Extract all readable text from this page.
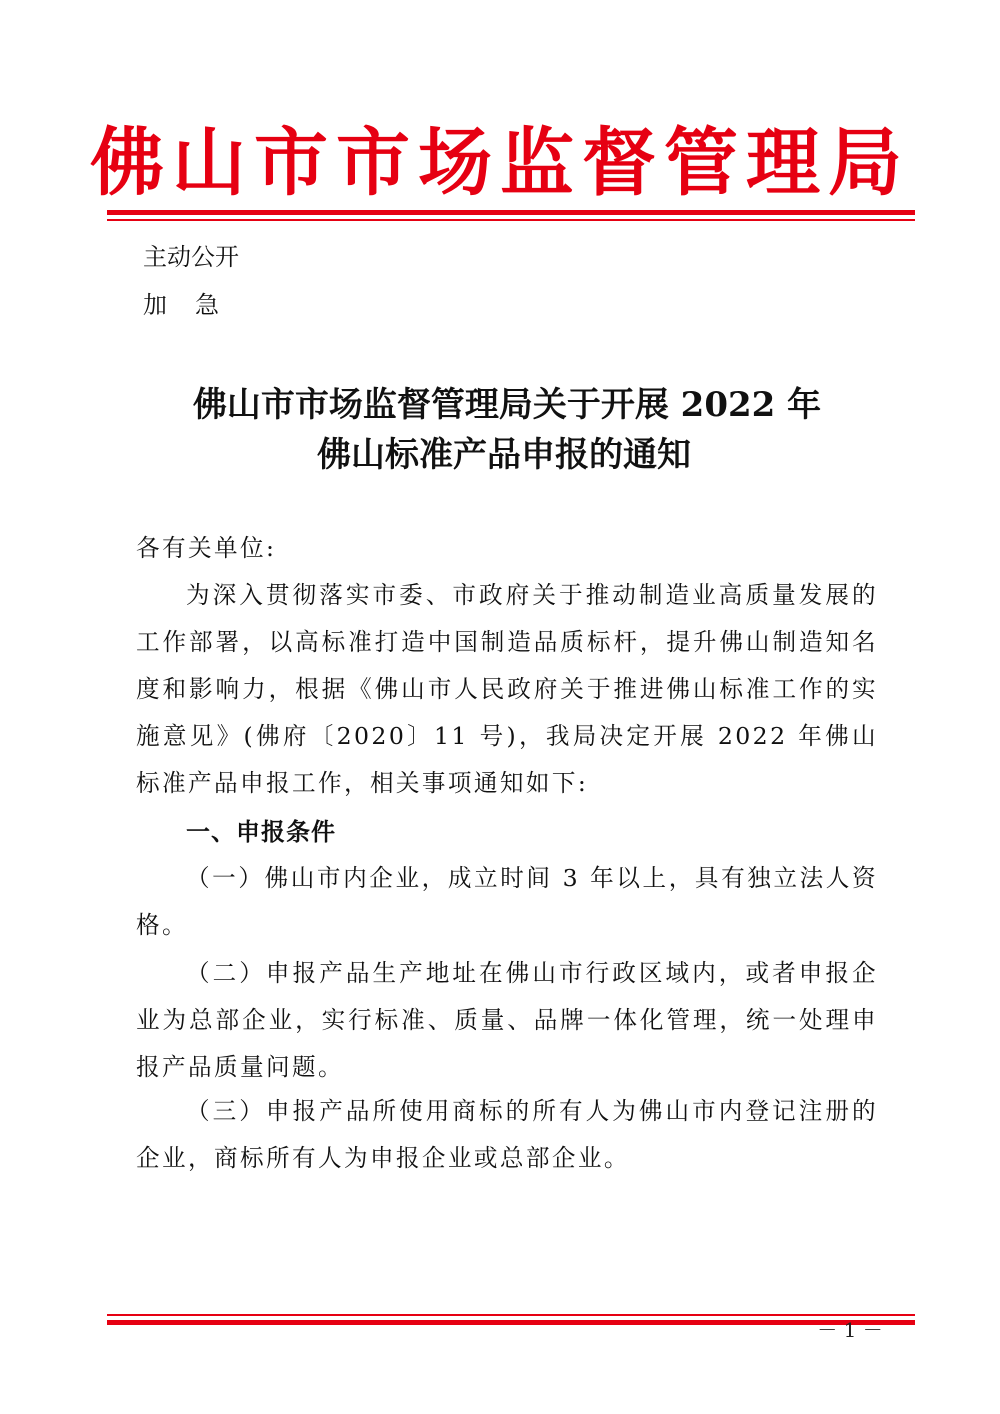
佛山市市场监督管理局
主动公开
加急
佛山市市场监督管理局关于开展 2022 年
佛山标准产品申报的通知
各有关单位:
为深入贯彻落实市委、市政府关于推动制造业高质量发展的工作部署，以高标准打造中国制造品质标杆，提升佛山制造知名度和影响力，根据《佛山市人民政府关于推进佛山标准工作的实施意见》(佛府〔2020〕11 号)，我局决定开展 2022 年佛山标准产品申报工作，相关事项通知如下:
一、申报条件
（一）佛山市内企业，成立时间 3 年以上，具有独立法人资格。
（二）申报产品生产地址在佛山市行政区域内，或者申报企业为总部企业，实行标准、质量、品牌一体化管理，统一处理申报产品质量问题。
（三）申报产品所使用商标的所有人为佛山市内登记注册的企业，商标所有人为申报企业或总部企业。
－ 1 －
